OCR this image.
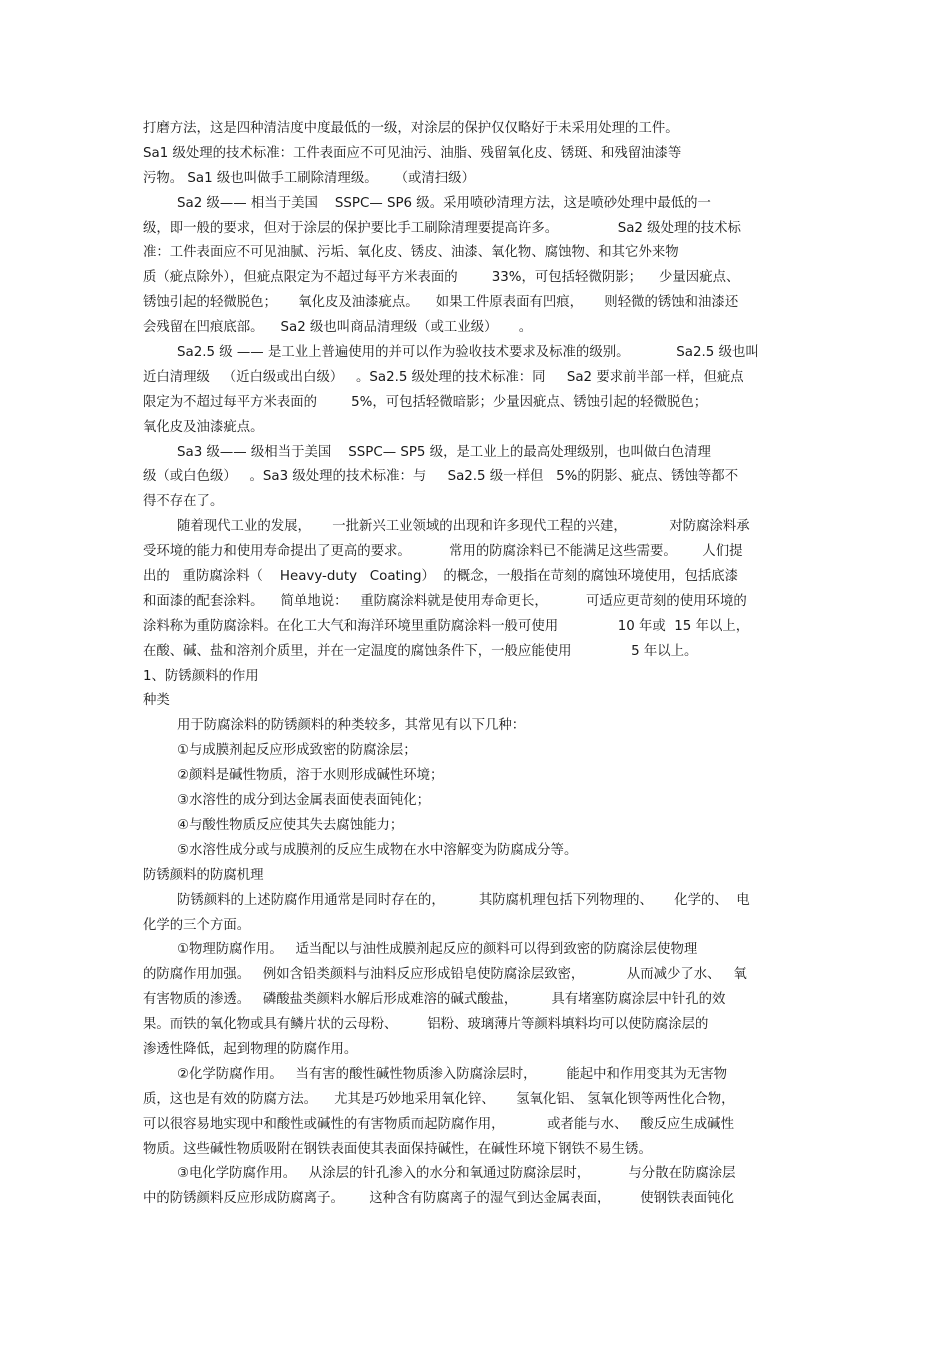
打磨方法，这是四种清洁度中度最低的一级，对涂层的保护仅仅略好于未采用处理的工件。
Sa1 级处理的技术标准：工件表面应不可见油污、油脂、残留氧化皮、锈斑、和残留油漆等
污物。 Sa1 级也叫做手工刷除清理级。    （或清扫级）
Sa2 级—— 相当于美国    SSPC— SP6 级。采用喷砂清理方法，这是喷砂处理中最低的一
级，即一般的要求，但对于涂层的保护要比手工刷除清理要提高许多。              Sa2 级处理的技术标
准：工件表面应不可见油腻、污垢、氧化皮、锈皮、油漆、氧化物、腐蚀物、和其它外来物
质（疵点除外），但疵点限定为不超过每平方米表面的        33%，可包括轻微阴影；    少量因疵点、
锈蚀引起的轻微脱色；     氧化皮及油漆疵点。    如果工件原表面有凹痕，     则轻微的锈蚀和油漆还
会残留在凹痕底部。    Sa2 级也叫商品清理级（或工业级）     。
Sa2.5 级 —— 是工业上普遍使用的并可以作为验收技术要求及标准的级别。           Sa2.5 级也叫
近白清理级   （近白级或出白级）   。Sa2.5 级处理的技术标准：同     Sa2 要求前半部一样，但疵点
限定为不超过每平方米表面的        5%，可包括轻微暗影；少量因疵点、锈蚀引起的轻微脱色；
氧化皮及油漆疵点。
Sa3 级—— 级相当于美国    SSPC— SP5 级，是工业上的最高处理级别，也叫做白色清理
级（或白色级）   。Sa3 级处理的技术标准：与     Sa2.5 级一样但   5%的阴影、疵点、锈蚀等都不
得不存在了。
随着现代工业的发展，     一批新兴工业领域的出现和许多现代工程的兴建，          对防腐涂料承
受环境的能力和使用寿命提出了更高的要求。         常用的防腐涂料已不能满足这些需要。      人们提
出的   重防腐涂料（    Heavy-duty   Coating）  的概念，一般指在苛刻的腐蚀环境使用，包括底漆
和面漆的配套涂料。    简单地说：   重防腐涂料就是使用寿命更长，         可适应更苛刻的使用环境的
涂料称为重防腐涂料。在化工大气和海洋环境里重防腐涂料一般可使用              10 年或  15 年以上，
在酸、碱、盐和溶剂介质里，并在一定温度的腐蚀条件下，一般应能使用              5 年以上。
1、防锈颜料的作用
种类
用于防腐涂料的防锈颜料的种类较多，其常见有以下几种：
①与成膜剂起反应形成致密的防腐涂层；
②颜料是碱性物质，溶于水则形成碱性环境；
③水溶性的成分到达金属表面使表面钝化；
④与酸性物质反应使其失去腐蚀能力；
⑤水溶性成分或与成膜剂的反应生成物在水中溶解变为防腐成分等。
防锈颜料的防腐机理
防锈颜料的上述防腐作用通常是同时存在的，        其防腐机理包括下列物理的、     化学的、  电
化学的三个方面。
①物理防腐作用。   适当配以与油性成膜剂起反应的颜料可以得到致密的防腐涂层使物理
的防腐作用加强。   例如含铅类颜料与油料反应形成铅皂使防腐涂层致密，          从而减少了水、   氧
有害物质的渗透。   磷酸盐类颜料水解后形成难溶的碱式酸盐，        具有堵塞防腐涂层中针孔的效
果。而铁的氧化物或具有鳞片状的云母粉、       铝粉、玻璃薄片等颜料填料均可以使防腐涂层的
渗透性降低，起到物理的防腐作用。
②化学防腐作用。   当有害的酸性碱性物质渗入防腐涂层时，       能起中和作用变其为无害物
质，这也是有效的防腐方法。    尤其是巧妙地采用氧化锌、     氢氧化铝、 氢氧化钡等两性化合物，
可以很容易地实现中和酸性或碱性的有害物质而起防腐作用，          或者能与水、   酸反应生成碱性
物质。这些碱性物质吸附在钢铁表面使其表面保持碱性，在碱性环境下钢铁不易生锈。
③电化学防腐作用。   从涂层的针孔渗入的水分和氧通过防腐涂层时，         与分散在防腐涂层
中的防锈颜料反应形成防腐离子。      这种含有防腐离子的湿气到达金属表面，       使钢铁表面钝化
